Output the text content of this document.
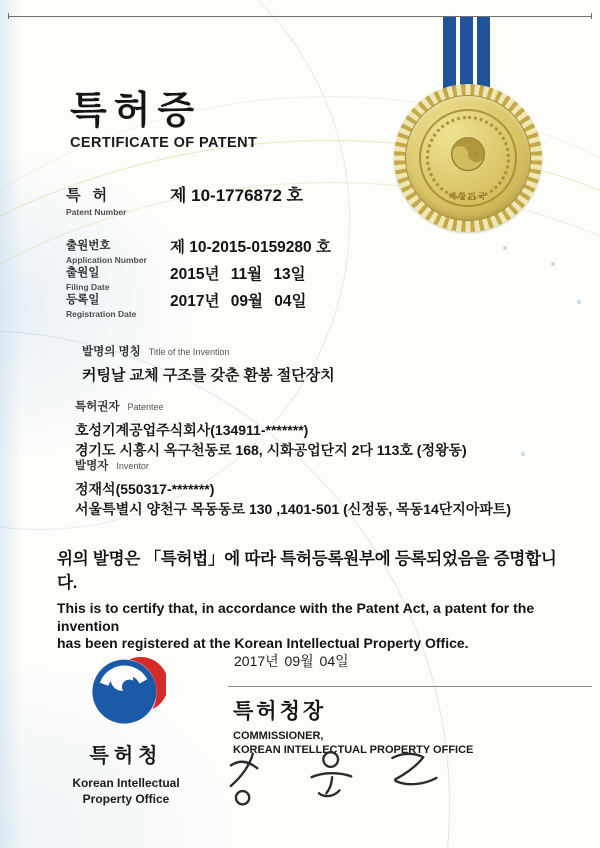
특허증
CERTIFICATE OF PATENT
대한민국
특 허
Patent Number
제 10-1776872 호
출원번호
Application Number
제 10-2015-0159280 호
출원일
Filing Date
2015년 11월 13일
등록일
Registration Date
2017년 09월 04일
발명의 명칭 Title of the Invention
커팅날 교체 구조를 갖춘 환봉 절단장치
특허권자 Patentee
호성기계공업주식회사(134911-*******)
경기도 시흥시 옥구천동로 168, 시화공업단지 2다 113호 (정왕동)
발명자 Inventor
정재석(550317-*******)
서울특별시 양천구 목동동로 130 ,1401-501 (신정동, 목동14단지아파트)
위의 발명은 「특허법」에 따라 특허등록원부에 등록되었음을 증명합니다.
This is to certify that, in accordance with the Patent Act, a patent for the invention
has been registered at the Korean Intellectual Property Office.
2017년 09월 04일
특허청장
COMMISSIONER,
KOREAN INTELLECTUAL PROPERTY OFFICE
특허청
Korean Intellectual
Property Office
